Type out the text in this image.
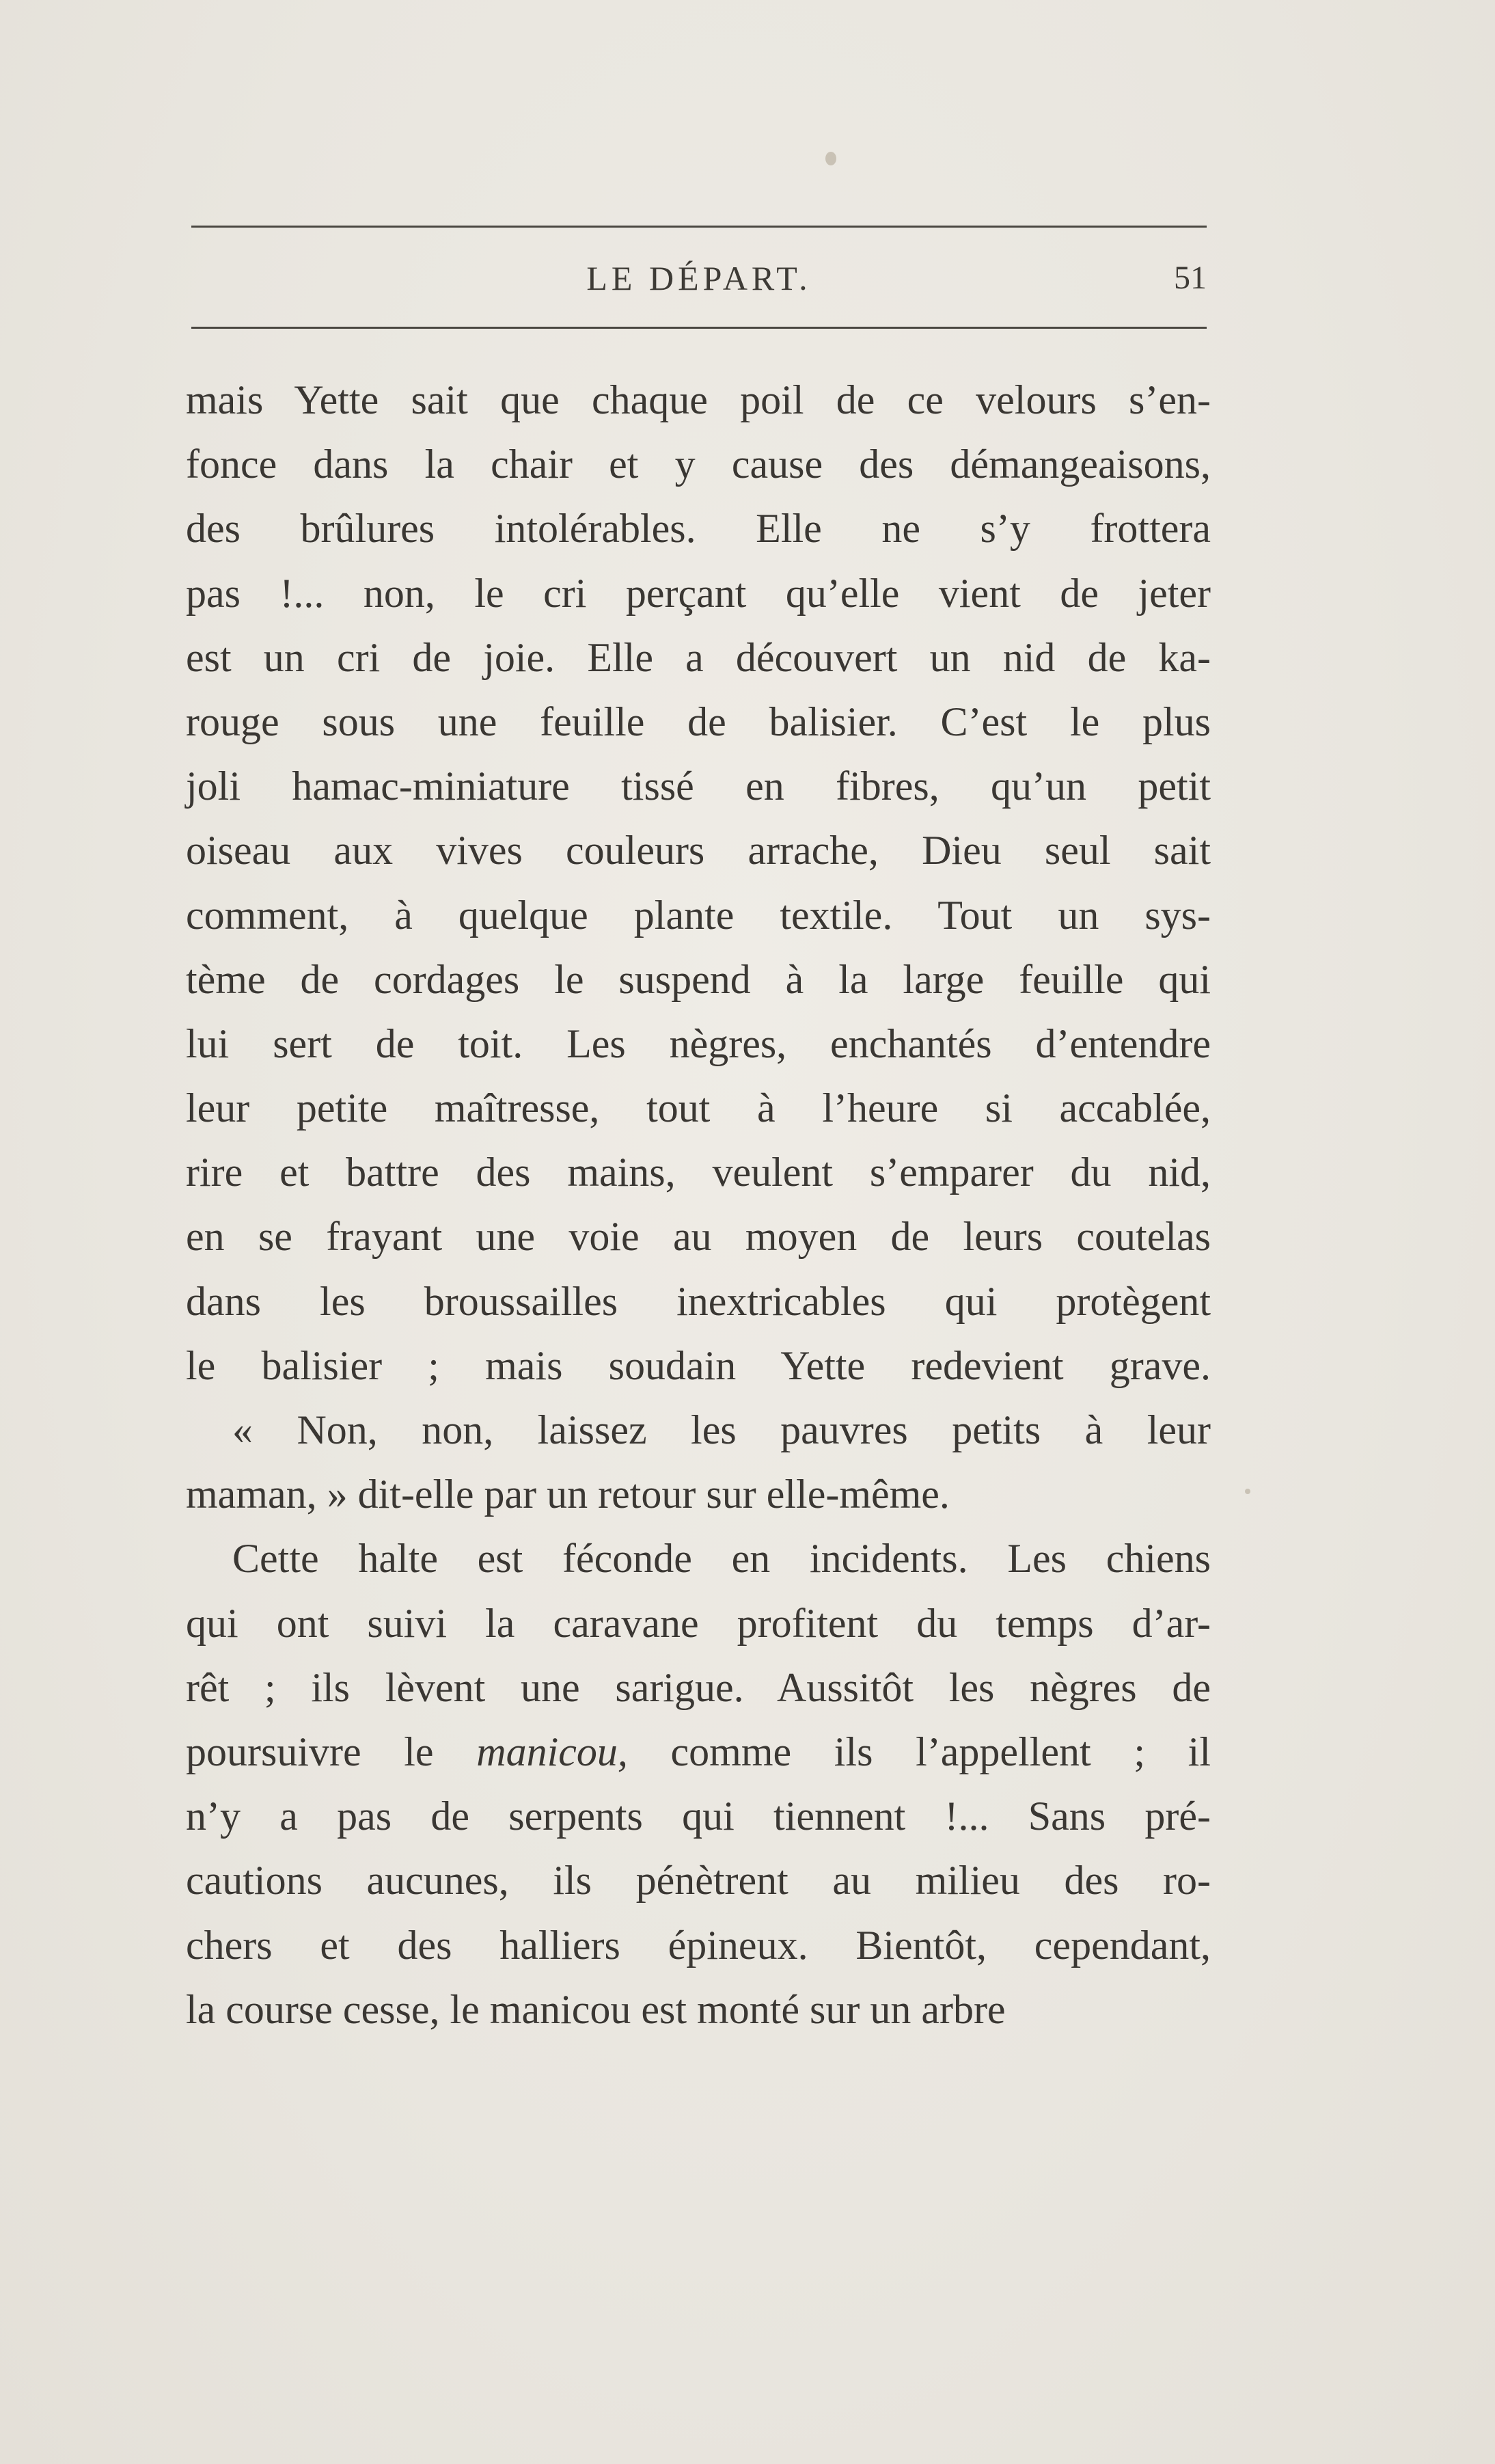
LE DÉPART.	51
mais Yette sait que chaque poil de ce velours s’en-
fonce dans la chair et y cause des démangeaisons,
des brûlures intolérables. Elle ne s’y frottera
pas !... non, le cri perçant qu’elle vient de jeter
est un cri de joie. Elle a découvert un nid de ka-
rouge sous une feuille de balisier. C’est le plus
joli hamac-miniature tissé en fibres, qu’un petit
oiseau aux vives couleurs arrache, Dieu seul sait
comment, à quelque plante textile. Tout un sys-
tème de cordages le suspend à la large feuille qui
lui sert de toit. Les nègres, enchantés d’entendre
leur petite maîtresse, tout à l’heure si accablée,
rire et battre des mains, veulent s’emparer du nid,
en se frayant une voie au moyen de leurs coutelas
dans les broussailles inextricables qui protègent
le balisier ; mais soudain Yette redevient grave.
« Non, non, laissez les pauvres petits à leur
maman, » dit-elle par un retour sur elle-même.
Cette halte est féconde en incidents. Les chiens
qui ont suivi la caravane profitent du temps d’ar-
rêt ; ils lèvent une sarigue. Aussitôt les nègres de
poursuivre le manicou, comme ils l’appellent ; il
n’y a pas de serpents qui tiennent !... Sans pré-
cautions aucunes, ils pénètrent au milieu des ro-
chers et des halliers épineux. Bientôt, cependant,
la course cesse, le manicou est monté sur un arbre
